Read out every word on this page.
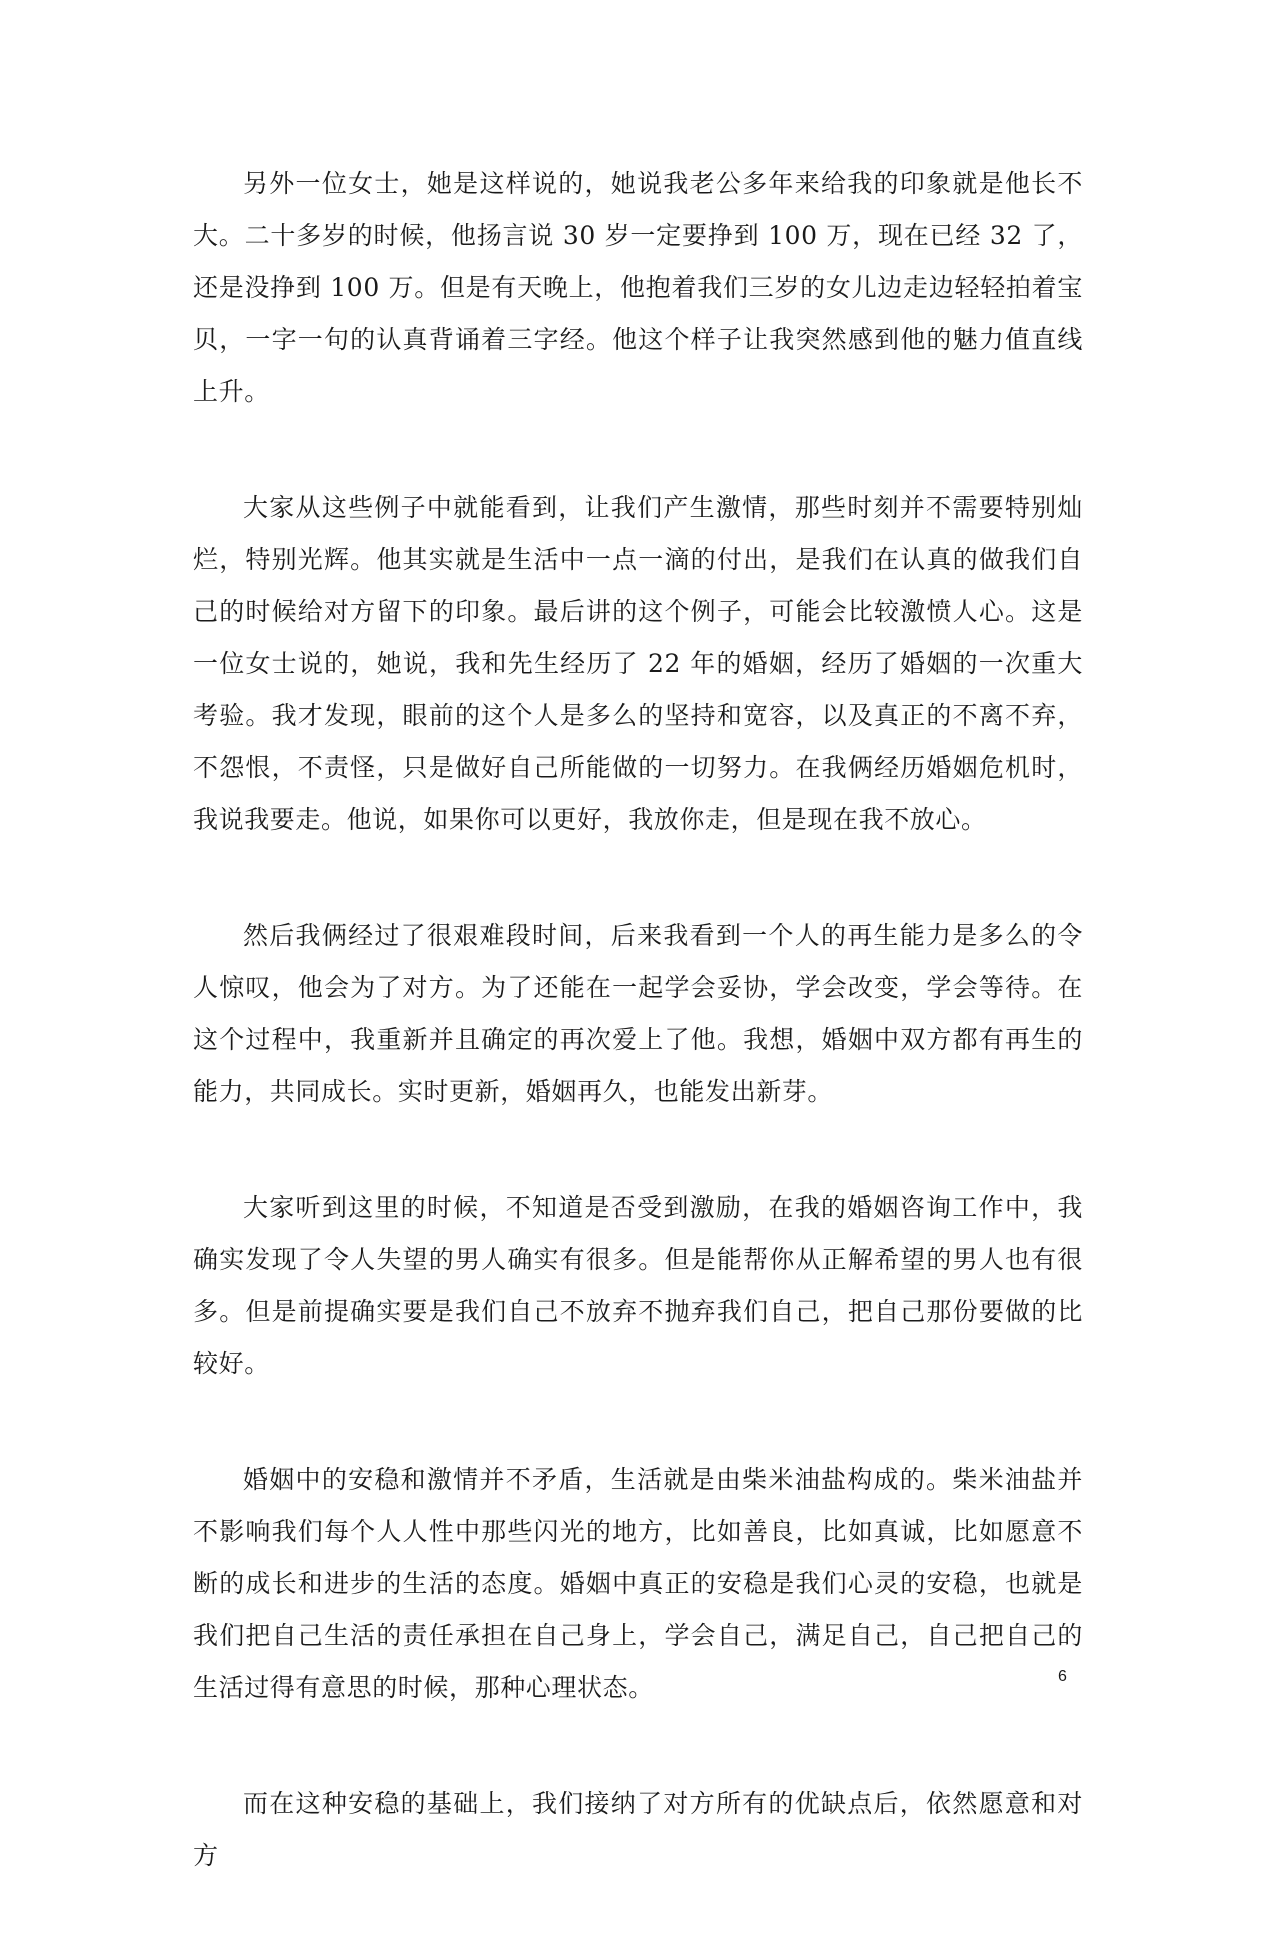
另外一位女士，她是这样说的，她说我老公多年来给我的印象就是他长不大。二十多岁的时候，他扬言说 30 岁一定要挣到 100 万，现在已经 32 了，还是没挣到 100 万。但是有天晚上，他抱着我们三岁的女儿边走边轻轻拍着宝贝，一字一句的认真背诵着三字经。他这个样子让我突然感到他的魅力值直线上升。

大家从这些例子中就能看到，让我们产生激情，那些时刻并不需要特别灿烂，特别光辉。他其实就是生活中一点一滴的付出，是我们在认真的做我们自己的时候给对方留下的印象。最后讲的这个例子，可能会比较激愤人心。这是一位女士说的，她说，我和先生经历了 22 年的婚姻，经历了婚姻的一次重大考验。我才发现，眼前的这个人是多么的坚持和宽容，以及真正的不离不弃，不怨恨，不责怪，只是做好自己所能做的一切努力。在我俩经历婚姻危机时，我说我要走。他说，如果你可以更好，我放你走，但是现在我不放心。

然后我俩经过了很艰难段时间，后来我看到一个人的再生能力是多么的令人惊叹，他会为了对方。为了还能在一起学会妥协，学会改变，学会等待。在这个过程中，我重新并且确定的再次爱上了他。我想，婚姻中双方都有再生的能力，共同成长。实时更新，婚姻再久，也能发出新芽。

大家听到这里的时候，不知道是否受到激励，在我的婚姻咨询工作中，我确实发现了令人失望的男人确实有很多。但是能帮你从正解希望的男人也有很多。但是前提确实要是我们自己不放弃不抛弃我们自己，把自己那份要做的比较好。

婚姻中的安稳和激情并不矛盾，生活就是由柴米油盐构成的。柴米油盐并不影响我们每个人人性中那些闪光的地方，比如善良，比如真诚，比如愿意不断的成长和进步的生活的态度。婚姻中真正的安稳是我们心灵的安稳，也就是我们把自己生活的责任承担在自己身上，学会自己，满足自己，自己把自己的生活过得有意思的时候，那种心理状态。

而在这种安稳的基础上，我们接纳了对方所有的优缺点后，依然愿意和对方

6
